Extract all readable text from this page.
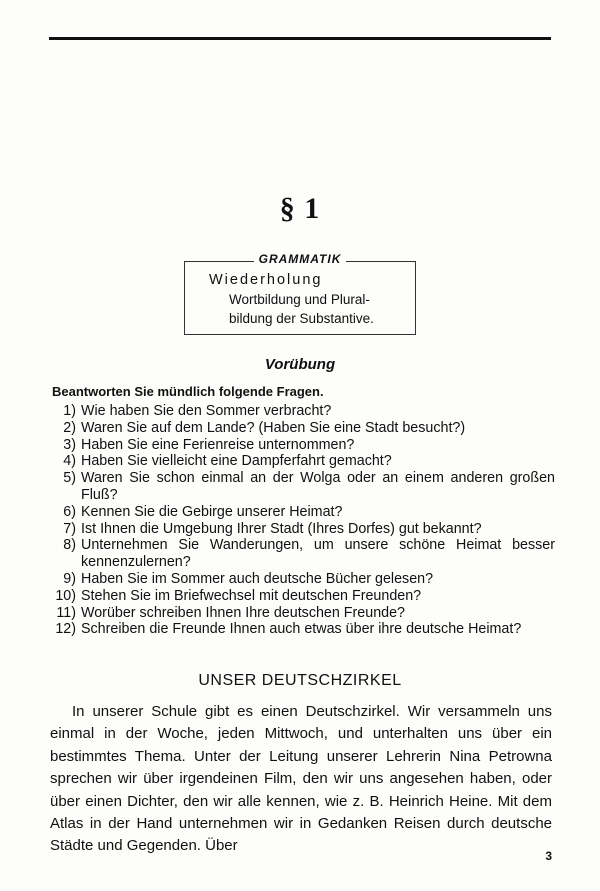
§ 1
GRAMMATIK
Wiederholung
Wortbildung und Plural-
bildung der Substantive.
Vorübung
Beantworten Sie mündlich folgende Fragen.
1) Wie haben Sie den Sommer verbracht?
2) Waren Sie auf dem Lande? (Haben Sie eine Stadt besucht?)
3) Haben Sie eine Ferienreise unternommen?
4) Haben Sie vielleicht eine Dampferfahrt gemacht?
5) Waren Sie schon einmal an der Wolga oder an einem anderen großen Fluß?
6) Kennen Sie die Gebirge unserer Heimat?
7) Ist Ihnen die Umgebung Ihrer Stadt (Ihres Dorfes) gut bekannt?
8) Unternehmen Sie Wanderungen, um unsere schöne Heimat besser kennenzulernen?
9) Haben Sie im Sommer auch deutsche Bücher gelesen?
10) Stehen Sie im Briefwechsel mit deutschen Freunden?
11) Worüber schreiben Ihnen Ihre deutschen Freunde?
12) Schreiben die Freunde Ihnen auch etwas über ihre deutsche Heimat?
UNSER DEUTSCHZIRKEL
In unserer Schule gibt es einen Deutschzirkel. Wir versammeln uns einmal in der Woche, jeden Mittwoch, und unterhalten uns über ein bestimmtes Thema. Unter der Leitung unserer Lehrerin Nina Petrowna sprechen wir über irgendeinen Film, den wir uns angesehen haben, oder über einen Dichter, den wir alle kennen, wie z. B. Heinrich Heine. Mit dem Atlas in der Hand unternehmen wir in Gedanken Reisen durch deutsche Städte und Gegenden. Über
3
